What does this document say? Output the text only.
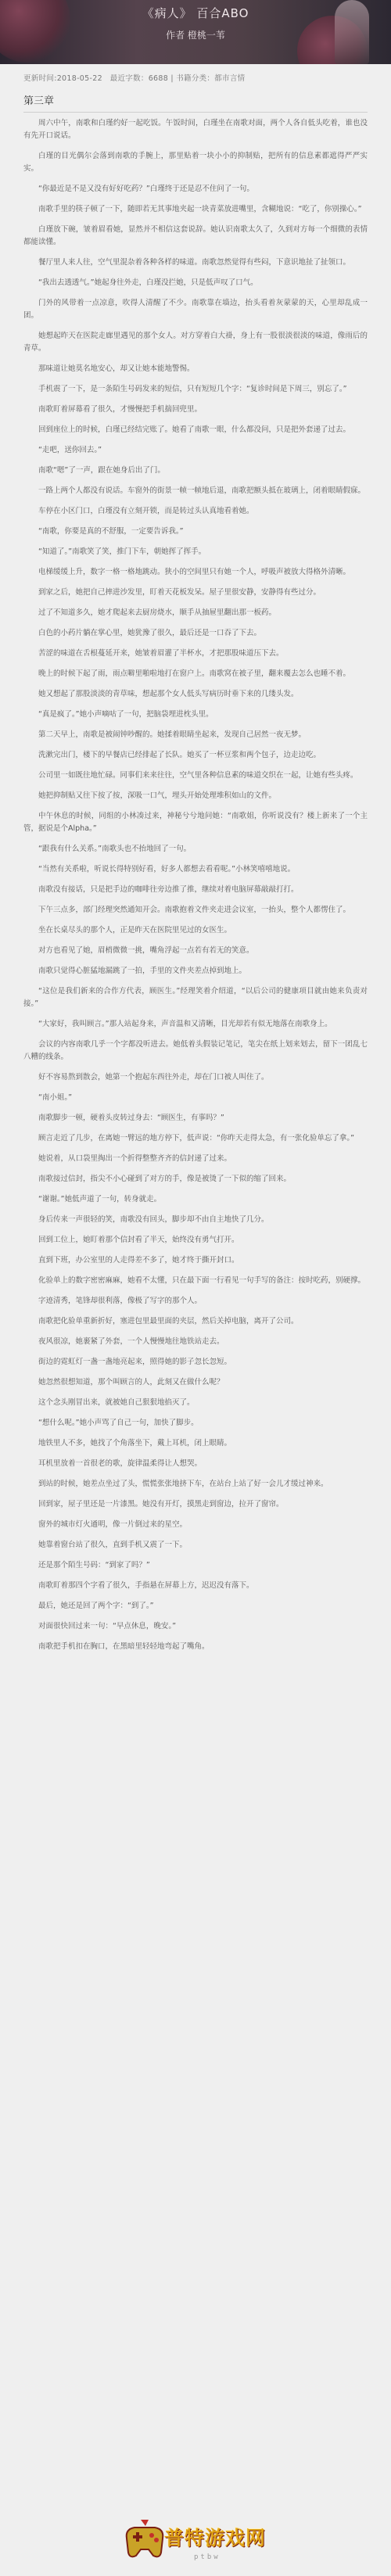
《病人》 百合ABO
作者 橙桃一苇
更新时间:2018-05-22　最近字数：6688 | 书籍分类：都市言情
第三章

周六中午，南歌和白瑾约好一起吃饭。午饭时间，白瑾坐在南歌对面，两个人各自低头吃着，谁也没有先开口说话。

白瑾的目光偶尔会落到南歌的手腕上，那里贴着一块小小的抑制贴，把所有的信息素都遮得严严实实。

“你最近是不是又没有好好吃药？”白瑾终于还是忍不住问了一句。

南歌手里的筷子顿了一下，随即若无其事地夹起一块青菜放进嘴里，含糊地说：“吃了，你别操心。”

白瑾放下碗，皱着眉看她，显然并不相信这套说辞。她认识南歌太久了，久到对方每一个细微的表情都能读懂。

餐厅里人来人往，空气里混杂着各种各样的味道。南歌忽然觉得有些闷，下意识地扯了扯领口。

“我出去透透气。”她起身往外走，白瑾没拦她，只是低声叹了口气。

门外的风带着一点凉意，吹得人清醒了不少。南歌靠在墙边，抬头看着灰蒙蒙的天，心里却乱成一团。

她想起昨天在医院走廊里遇见的那个女人。对方穿着白大褂，身上有一股很淡很淡的味道，像雨后的青草。

那味道让她莫名地安心，却又让她本能地警惕。

手机震了一下，是一条陌生号码发来的短信，只有短短几个字：“复诊时间是下周三，别忘了。”

南歌盯着屏幕看了很久，才慢慢把手机揣回兜里。

回到座位上的时候，白瑾已经结完账了。她看了南歌一眼，什么都没问，只是把外套递了过去。

“走吧，送你回去。”

南歌“嗯”了一声，跟在她身后出了门。

一路上两个人都没有说话。车窗外的街景一帧一帧地后退，南歌把额头抵在玻璃上，闭着眼睛假寐。

车停在小区门口，白瑾没有立刻开锁，而是转过头认真地看着她。

“南歌，你要是真的不舒服，一定要告诉我。”

“知道了。”南歌笑了笑，推门下车，朝她挥了挥手。

电梯缓缓上升，数字一格一格地跳动。狭小的空间里只有她一个人，呼吸声被放大得格外清晰。

到家之后，她把自己摔进沙发里，盯着天花板发呆。屋子里很安静，安静得有些过分。

过了不知道多久，她才爬起来去厨房烧水，顺手从抽屉里翻出那一板药。

白色的小药片躺在掌心里，她犹豫了很久，最后还是一口吞了下去。

苦涩的味道在舌根蔓延开来，她皱着眉灌了半杯水，才把那股味道压下去。

晚上的时候下起了雨，雨点噼里啪啦地打在窗户上。南歌窝在被子里，翻来覆去怎么也睡不着。

她又想起了那股淡淡的青草味，想起那个女人低头写病历时垂下来的几缕头发。

“真是疯了。”她小声嘀咕了一句，把脑袋埋进枕头里。

第二天早上，南歌是被闹钟吵醒的。她揉着眼睛坐起来，发现自己居然一夜无梦。

洗漱完出门，楼下的早餐店已经排起了长队。她买了一杯豆浆和两个包子，边走边吃。

公司里一如既往地忙碌。同事们来来往往，空气里各种信息素的味道交织在一起，让她有些头疼。

她把抑制贴又往下按了按，深吸一口气，埋头开始处理堆积如山的文件。

中午休息的时候，同组的小林凑过来，神秘兮兮地问她：“南歌姐，你听说没有？楼上新来了一个主管，据说是个Alpha。”

“跟我有什么关系。”南歌头也不抬地回了一句。

“当然有关系啦，听说长得特别好看，好多人都想去看看呢。”小林笑嘻嘻地说。

南歌没有接话，只是把手边的咖啡往旁边推了推，继续对着电脑屏幕敲敲打打。

下午三点多，部门经理突然通知开会。南歌抱着文件夹走进会议室，一抬头，整个人都愣住了。

坐在长桌尽头的那个人，正是昨天在医院里见过的女医生。

对方也看见了她，眉梢微微一挑，嘴角浮起一点若有若无的笑意。

南歌只觉得心脏猛地漏跳了一拍，手里的文件夹差点掉到地上。

“这位是我们新来的合作方代表，顾医生。”经理笑着介绍道，“以后公司的健康项目就由她来负责对接。”

“大家好，我叫顾言。”那人站起身来，声音温和又清晰，目光却若有似无地落在南歌身上。

会议的内容南歌几乎一个字都没听进去。她低着头假装记笔记，笔尖在纸上划来划去，留下一团乱七八糟的线条。

好不容易熬到散会，她第一个抱起东西往外走，却在门口被人叫住了。

“南小姐。”

南歌脚步一顿，硬着头皮转过身去：“顾医生，有事吗？”

顾言走近了几步，在离她一臂远的地方停下，低声说：“你昨天走得太急，有一张化验单忘了拿。”

她说着，从口袋里掏出一个折得整整齐齐的信封递了过来。

南歌接过信封，指尖不小心碰到了对方的手，像是被烫了一下似的缩了回来。

“谢谢。”她低声道了一句，转身就走。

身后传来一声很轻的笑，南歌没有回头，脚步却不由自主地快了几分。

回到工位上，她盯着那个信封看了半天，始终没有勇气打开。

直到下班，办公室里的人走得差不多了，她才终于撕开封口。

化验单上的数字密密麻麻，她看不太懂，只在最下面一行看见一句手写的备注：按时吃药，别硬撑。

字迹清秀，笔锋却很利落，像极了写字的那个人。

南歌把化验单重新折好，塞进包里最里面的夹层，然后关掉电脑，离开了公司。

夜风很凉，她裹紧了外套，一个人慢慢地往地铁站走去。

街边的霓虹灯一盏一盏地亮起来，照得她的影子忽长忽短。

她忽然很想知道，那个叫顾言的人，此刻又在做什么呢？

这个念头刚冒出来，就被她自己狠狠地掐灭了。

“想什么呢。”她小声骂了自己一句，加快了脚步。

地铁里人不多，她找了个角落坐下，戴上耳机，闭上眼睛。

耳机里放着一首很老的歌，旋律温柔得让人想哭。

到站的时候，她差点坐过了头，慌慌张张地挤下车，在站台上站了好一会儿才缓过神来。

回到家，屋子里还是一片漆黑。她没有开灯，摸黑走到窗边，拉开了窗帘。

窗外的城市灯火通明，像一片倒过来的星空。

她靠着窗台站了很久，直到手机又震了一下。

还是那个陌生号码：“到家了吗？”

南歌盯着那四个字看了很久，手指悬在屏幕上方，迟迟没有落下。

最后，她还是回了两个字：“到了。”

对面很快回过来一句：“早点休息，晚安。”

南歌把手机扣在胸口，在黑暗里轻轻地弯起了嘴角。

普特游戏网
ptbw
